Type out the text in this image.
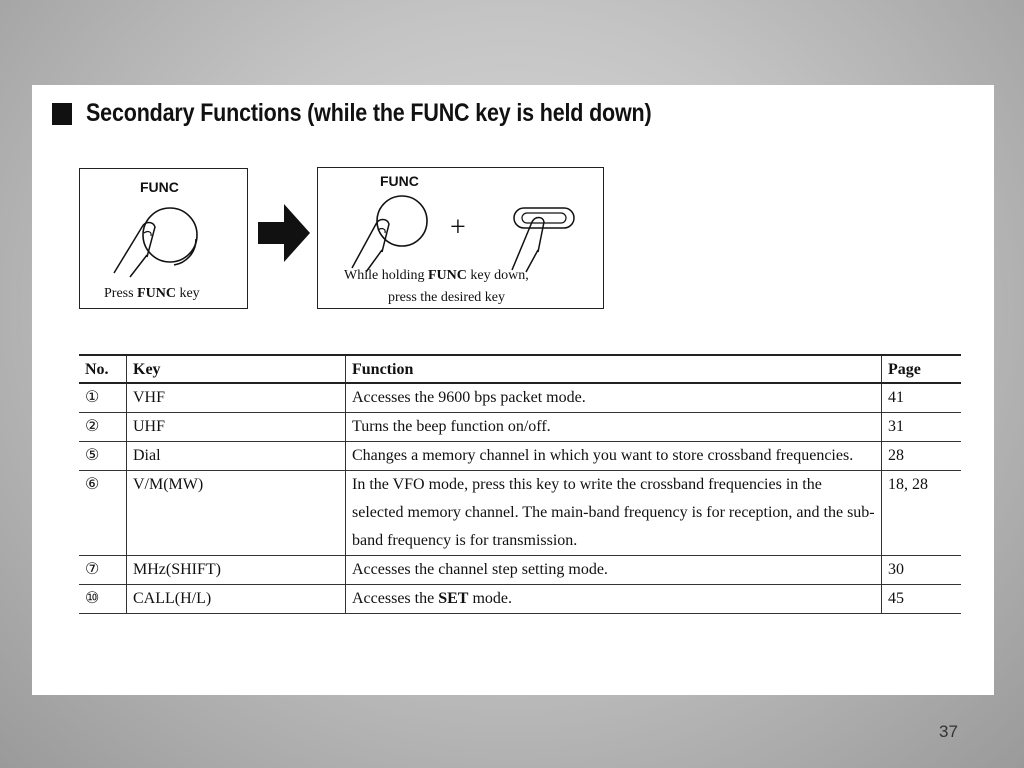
Secondary Functions (while the FUNC key is held down)
FUNC
Press FUNC key
FUNC
+
While holding FUNC key down,
press the desired key
No.	Key	Function	Page
①	VHF	Accesses the 9600 bps packet mode.	41
②	UHF	Turns the beep function on/off.	31
⑤	Dial	Changes a memory channel in which you want to store crossband frequencies.	28
⑥	V/M(MW)	In the VFO mode, press this key to write the crossband frequencies in the selected memory channel. The main-band frequency is for reception, and the sub-band frequency is for transmission.	18, 28
⑦	MHz(SHIFT)	Accesses the channel step setting mode.	30
⑩	CALL(H/L)	Accesses the SET mode.	45
37
